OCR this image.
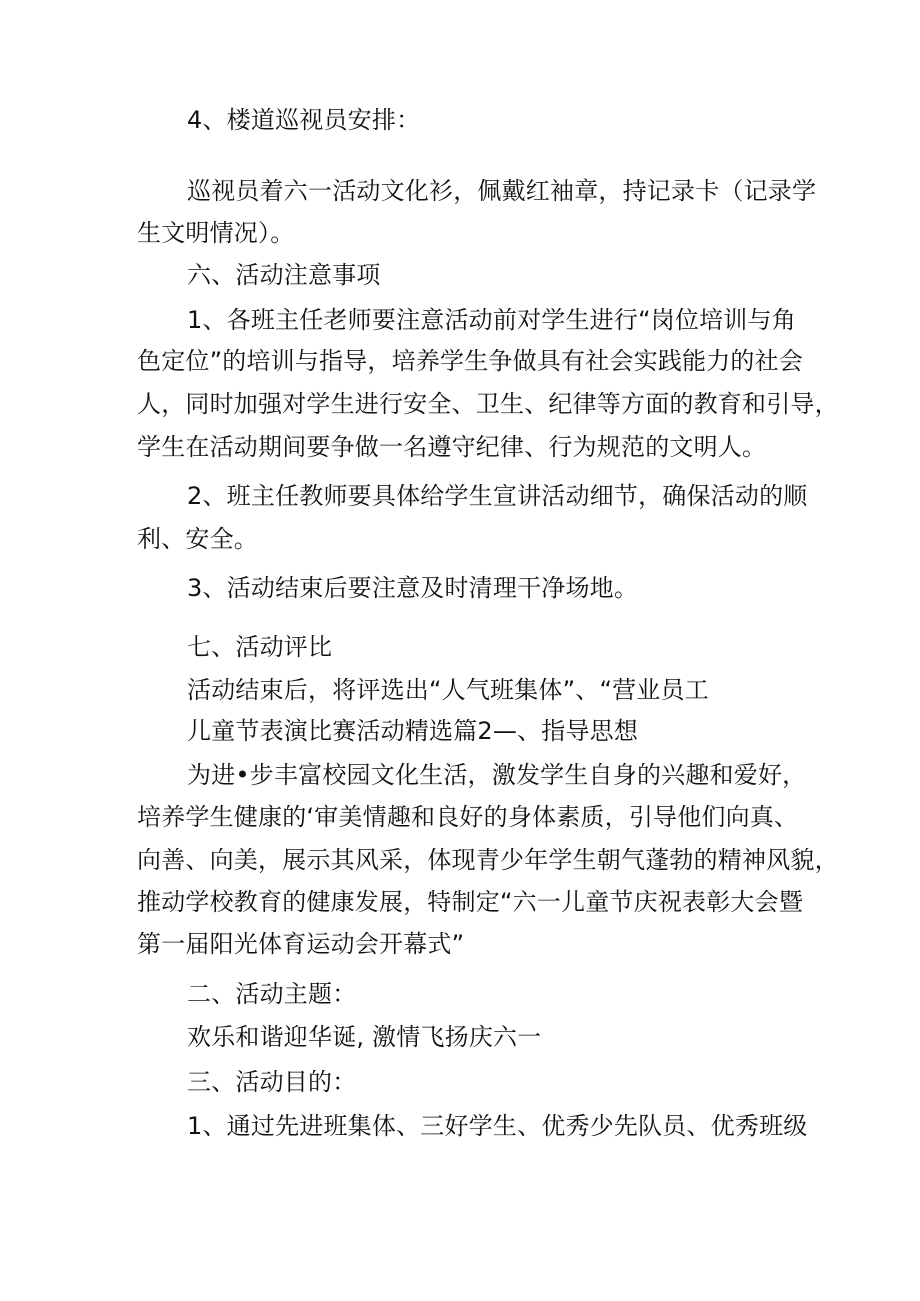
4、楼道巡视员安排：

巡视员着六一活动文化衫，佩戴红袖章，持记录卡（记录学

生文明情况）。

六、活动注意事项

1、各班主任老师要注意活动前对学生进行“岗位培训与角

色定位”的培训与指导，培养学生争做具有社会实践能力的社会

人，同时加强对学生进行安全、卫生、纪律等方面的教育和引导，

学生在活动期间要争做一名遵守纪律、行为规范的文明人。

2、班主任教师要具体给学生宣讲活动细节，确保活动的顺

利、安全。

3、活动结束后要注意及时清理干净场地。

七、活动评比

活动结束后，将评选出“人气班集体”、“营业员工

儿童节表演比赛活动精选篇2—、指导思想

为进•步丰富校园文化生活，激发学生自身的兴趣和爱好，

培养学生健康的‘审美情趣和良好的身体素质，引导他们向真、

向善、向美，展示其风采，体现青少年学生朝气蓬勃的精神风貌，

推动学校教育的健康发展，特制定“六一儿童节庆祝表彰大会暨

第一届阳光体育运动会开幕式”

二、活动主题：

欢乐和谐迎华诞, 激情飞扬庆六一

三、活动目的：

1、通过先进班集体、三好学生、优秀少先队员、优秀班级
